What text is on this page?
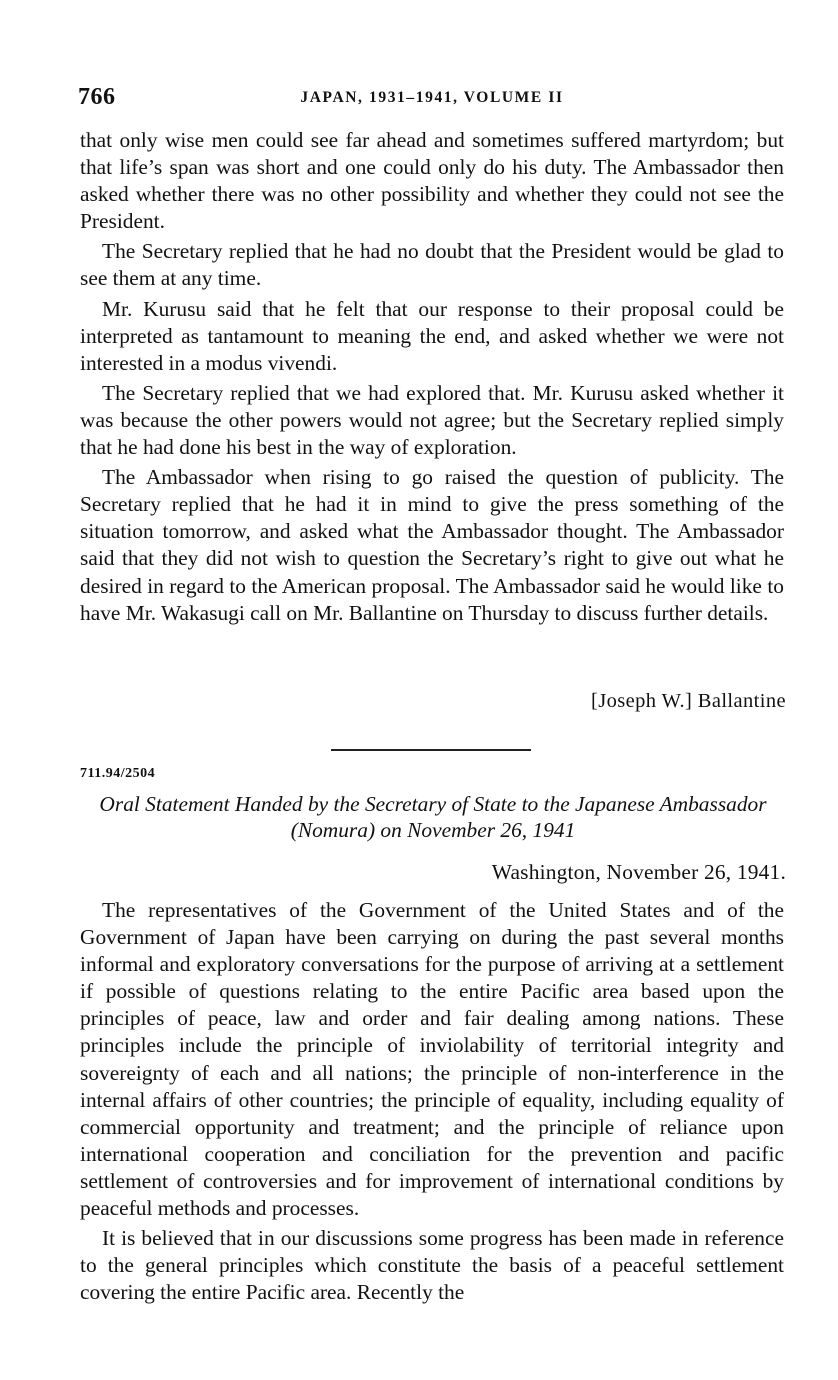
766	JAPAN, 1931–1941, VOLUME II

that only wise men could see far ahead and sometimes suffered martyrdom; but that life’s span was short and one could only do his duty. The Ambassador then asked whether there was no other possibility and whether they could not see the President.

The Secretary replied that he had no doubt that the President would be glad to see them at any time.

Mr. Kurusu said that he felt that our response to their proposal could be interpreted as tantamount to meaning the end, and asked whether we were not interested in a modus vivendi.

The Secretary replied that we had explored that. Mr. Kurusu asked whether it was because the other powers would not agree; but the Secretary replied simply that he had done his best in the way of exploration.

The Ambassador when rising to go raised the question of publicity. The Secretary replied that he had it in mind to give the press something of the situation tomorrow, and asked what the Ambassador thought. The Ambassador said that they did not wish to question the Secretary’s right to give out what he desired in regard to the American proposal. The Ambassador said he would like to have Mr. Wakasugi call on Mr. Ballantine on Thursday to discuss further details.

[Joseph W.] Ballantine
711.94/2504
Oral Statement Handed by the Secretary of State to the Japanese Ambassador (Nomura) on November 26, 1941
Washington, November 26, 1941.

The representatives of the Government of the United States and of the Government of Japan have been carrying on during the past several months informal and exploratory conversations for the purpose of arriving at a settlement if possible of questions relating to the entire Pacific area based upon the principles of peace, law and order and fair dealing among nations. These principles include the principle of inviolability of territorial integrity and sovereignty of each and all nations; the principle of non-interference in the internal affairs of other countries; the principle of equality, including equality of commercial opportunity and treatment; and the principle of reliance upon international cooperation and conciliation for the prevention and pacific settlement of controversies and for improvement of international conditions by peaceful methods and processes.

It is believed that in our discussions some progress has been made in reference to the general principles which constitute the basis of a peaceful settlement covering the entire Pacific area. Recently the
